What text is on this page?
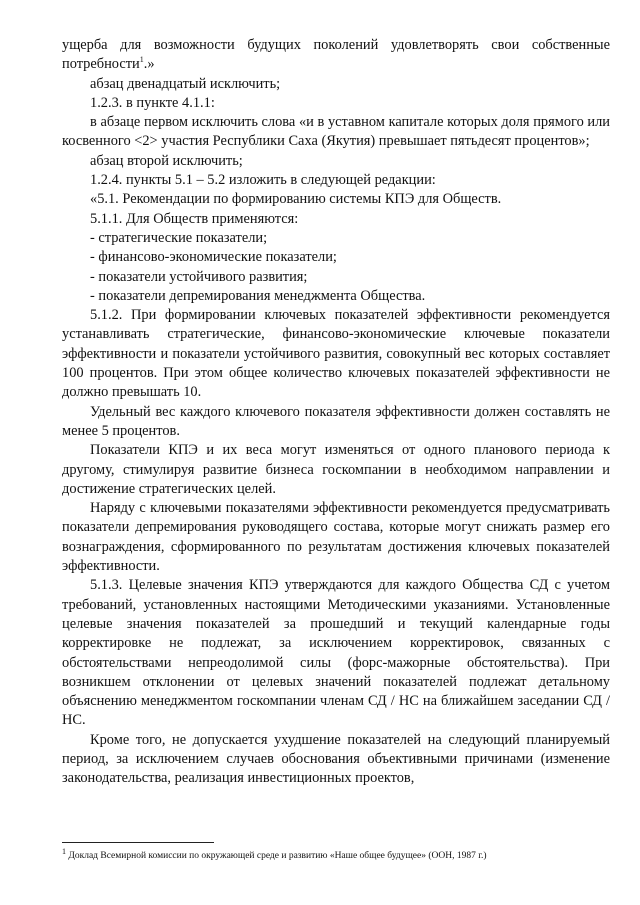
ущерба для возможности будущих поколений удовлетворять свои собственные потребности$^1$.»

абзац двенадцатый исключить;

1.2.3. в пункте 4.1.1:

в абзаце первом исключить слова «и в уставном капитале которых доля прямого или косвенного <2> участия Республики Саха (Якутия) превышает пятьдесят процентов»;

абзац второй исключить;

1.2.4. пункты 5.1 – 5.2 изложить в следующей редакции:

«5.1. Рекомендации по формированию системы КПЭ для Обществ.

5.1.1. Для Обществ применяются:

- стратегические показатели;

- финансово-экономические показатели;

- показатели устойчивого развития;

- показатели депремирования менеджмента Общества.

5.1.2. При формировании ключевых показателей эффективности рекомендуется устанавливать стратегические, финансово-экономические ключевые показатели эффективности и показатели устойчивого развития, совокупный вес которых составляет 100 процентов. При этом общее количество ключевых показателей эффективности не должно превышать 10.

Удельный вес каждого ключевого показателя эффективности должен составлять не менее 5 процентов.

Показатели КПЭ и их веса могут изменяться от одного планового периода к другому, стимулируя развитие бизнеса госкомпании в необходимом направлении и достижение стратегических целей.

Наряду с ключевыми показателями эффективности рекомендуется предусматривать показатели депремирования руководящего состава, которые могут снижать размер его вознаграждения, сформированного по результатам достижения ключевых показателей эффективности.

5.1.3. Целевые значения КПЭ утверждаются для каждого Общества СД с учетом требований, установленных настоящими Методическими указаниями. Установленные целевые значения показателей за прошедший и текущий календарные годы корректировке не подлежат, за исключением корректировок, связанных с обстоятельствами непреодолимой силы (форс-мажорные обстоятельства). При возникшем отклонении от целевых значений показателей подлежат детальному объяснению менеджментом госкомпании членам СД / НС на ближайшем заседании СД / НС.

Кроме того, не допускается ухудшение показателей на следующий планируемый период, за исключением случаев обоснования объективными причинами (изменение законодательства, реализация инвестиционных проектов,

$^1$ Доклад Всемирной комиссии по окружающей среде и развитию «Наше общее будущее» (ООН, 1987 г.)
